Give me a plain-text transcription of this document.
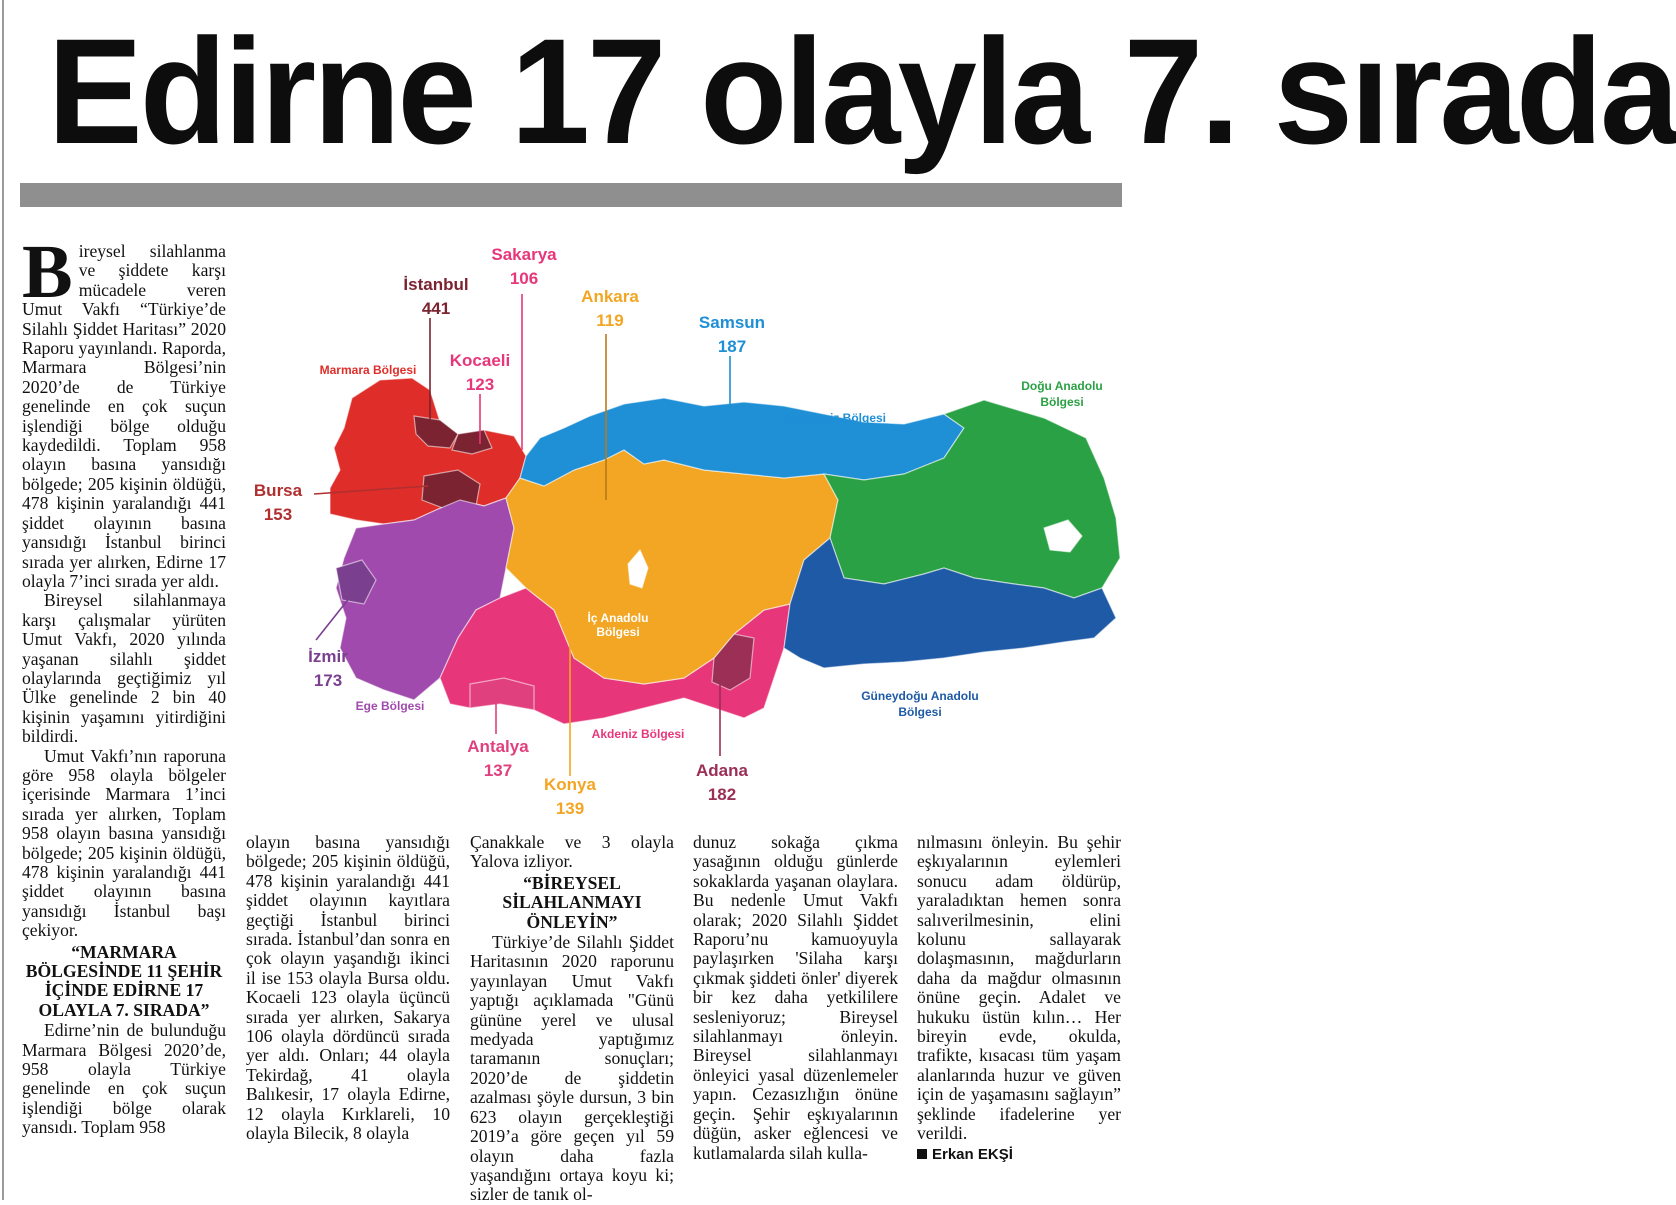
Edirne 17 olayla 7. sırada
İstanbul
441
Sakarya
106
Ankara
119	Samsun
187
Kocaeli
123
Bursa
153
İzmir
173
Antalya
137
Konya
139
Adana
182
Marmara Bölgesi
Ege Bölgesi
Akdeniz Bölgesi
İç Anadolu
Bölgesi
Karadeniz Bölgesi
Doğu Anadolu
Bölgesi
Güneydoğu Anadolu
Bölgesi

Bireysel silahlanma ve şiddete karşı mücadele veren Umut Vakfı “Türkiye’de Silahlı Şiddet Haritası” 2020 Raporu yayınlandı. Raporda, Marmara Bölgesi’nin 2020’de de Türkiye genelinde en çok suçun işlendiği bölge olduğu kaydedildi. Toplam 958 olayın basına yansıdığı bölgede; 205 kişinin öldüğü, 478 kişinin yaralandığı 441 şiddet olayının basına yansıdığı İstanbul birinci sırada yer alırken, Edirne 17 olayla 7’inci sırada yer aldı.

Bireysel silahlanmaya karşı çalışmalar yürüten Umut Vakfı, 2020 yılında yaşanan silahlı şiddet olaylarında geçtiğimiz yıl Ülke genelinde 2 bin 40 kişinin yaşamını yitirdiğini bildirdi.

Umut Vakfı’nın raporuna göre 958 olayla bölgeler içerisinde Marmara 1’inci sırada yer alırken, Toplam 958 olayın basına yansıdığı bölgede; 205 kişinin öldüğü, 478 kişinin yaralandığı 441 şiddet olayının basına yansıdığı İstanbul başı çekiyor.

“MARMARA BÖLGESİNDE 11 ŞEHİR İÇİNDE EDİRNE 17 OLAYLA 7. SIRADA”

Edirne’nin de bulunduğu Marmara Bölgesi 2020’de, 958 olayla Türkiye genelinde en çok suçun işlendiği bölge olarak yansıdı. Toplam 958

olayın basına yansıdığı bölgede; 205 kişinin öldüğü, 478 kişinin yaralandığı 441 şiddet olayının kayıtlara geçtiği İstanbul birinci sırada. İstanbul’dan sonra en çok olayın yaşandığı ikinci il ise 153 olayla Bursa oldu. Kocaeli 123 olayla üçüncü sırada yer alırken, Sakarya 106 olayla dördüncü sırada yer aldı. Onları; 44 olayla Tekirdağ, 41 olayla Balıkesir, 17 olayla Edirne, 12 olayla Kırklareli, 10 olayla Bilecik, 8 olayla

Çanakkale ve 3 olayla Yalova izliyor.

“BİREYSEL SİLAHLANMAYI ÖNLEYİN”

Türkiye’de Silahlı Şiddet Haritasının 2020 raporunu yayınlayan Umut Vakfı yaptığı açıklamada "Günü gününe yerel ve ulusal medyada yaptığımız taramanın sonuçları; 2020’de de şiddetin azalması şöyle dursun, 3 bin 623 olayın gerçekleştiği 2019’a göre geçen yıl 59 olayın daha fazla yaşandığını ortaya koyu ki; sizler de tanık ol-

dunuz sokağa çıkma yasağının olduğu günlerde sokaklarda yaşanan olaylara. Bu nedenle Umut Vakfı olarak; 2020 Silahlı Şiddet Raporu’nu kamuoyuyla paylaşırken 'Silaha karşı çıkmak şiddeti önler' diyerek bir kez daha yetkililere sesleniyoruz; Bireysel silahlanmayı önleyin. Bireysel silahlanmayı önleyici yasal düzenlemeler yapın. Cezasızlığın önüne geçin. Şehir eşkıyalarının düğün, asker eğlencesi ve kutlamalarda silah kulla-

nılmasını önleyin. Bu şehir eşkıyalarının eylemleri sonucu adam öldürüp, yaraladıktan hemen sonra salıverilmesinin, elini kolunu sallayarak dolaşmasının, mağdurların daha da mağdur olmasının önüne geçin. Adalet ve hukuku üstün kılın… Her bireyin evde, okulda, trafikte, kısacası tüm yaşam alanlarında huzur ve güven için de yaşamasını sağlayın” şeklinde ifadelerine yer verildi.

Erkan EKŞİ
